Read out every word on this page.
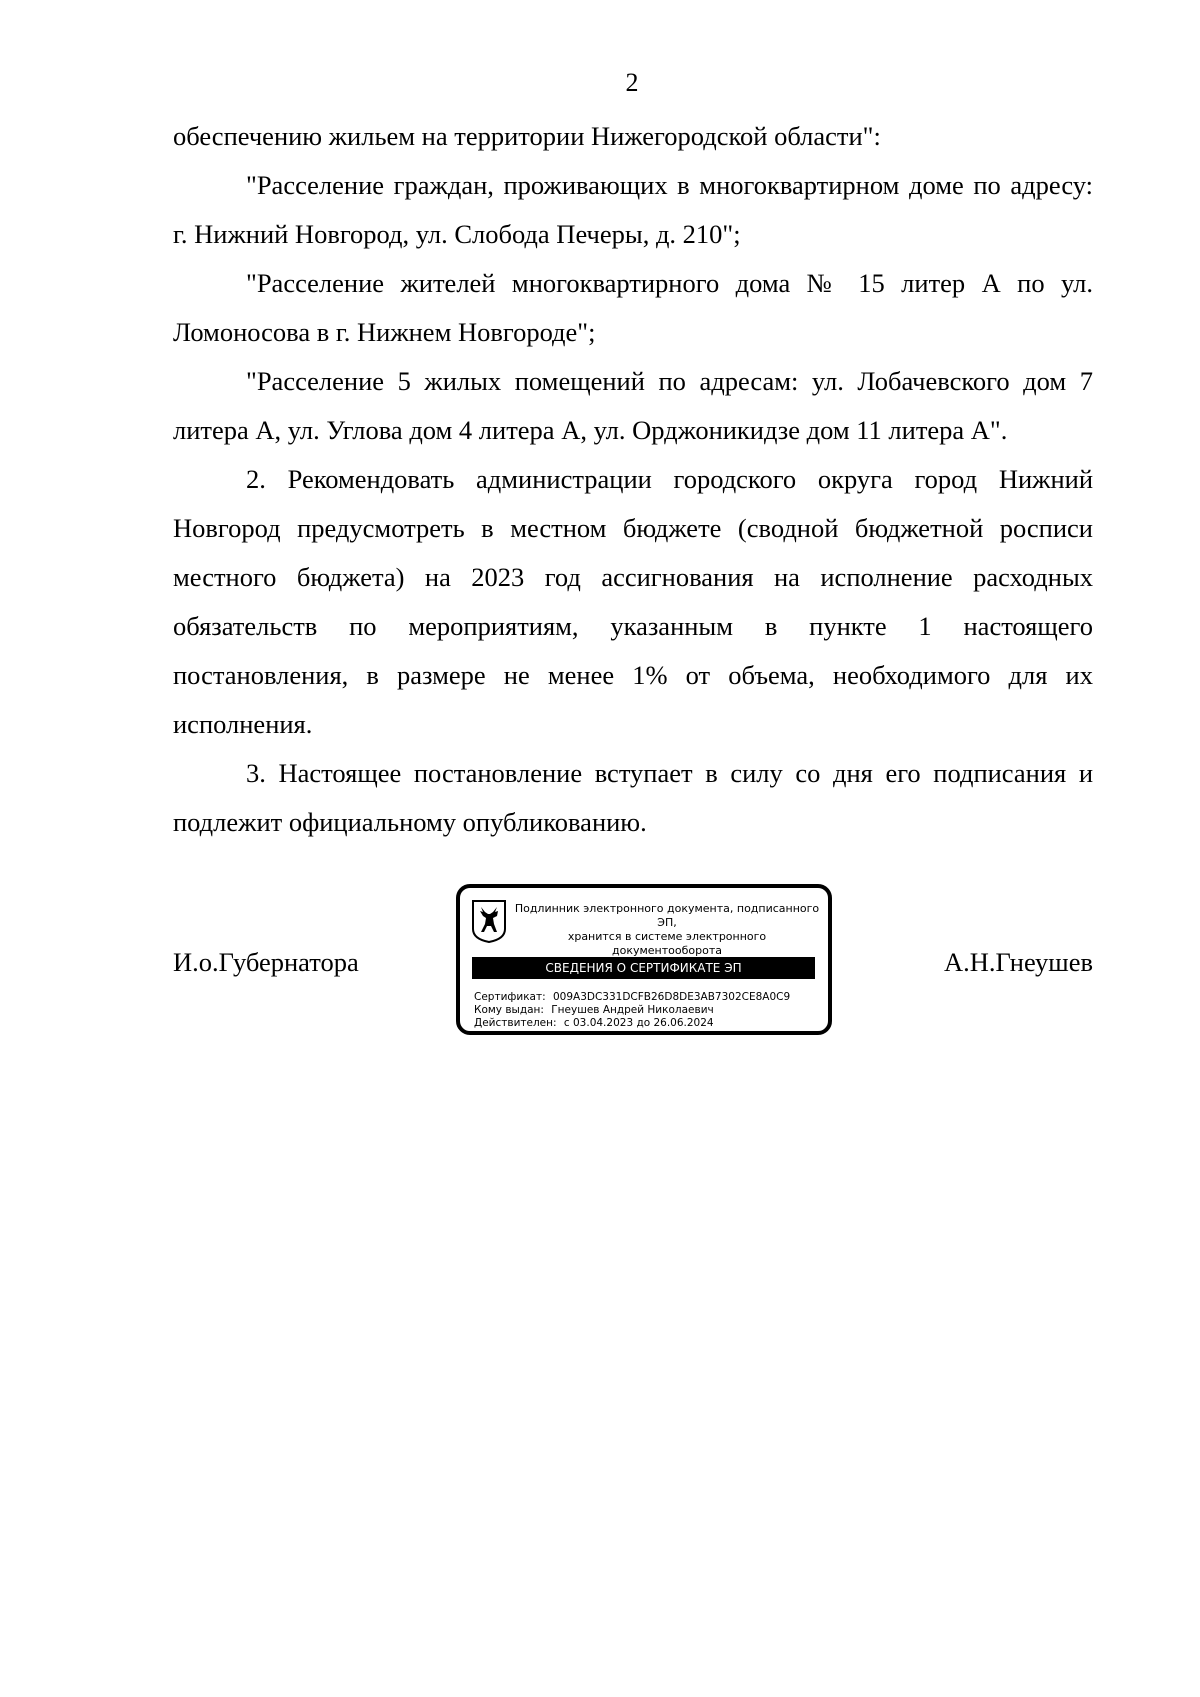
2

обеспечению жильем на территории Нижегородской области":

"Расселение граждан, проживающих в многоквартирном доме по адресу: г. Нижний Новгород, ул. Слобода Печеры, д. 210";

"Расселение жителей многоквартирного дома № 15 литер А по ул. Ломоносова в г. Нижнем Новгороде";

"Расселение 5 жилых помещений по адресам: ул. Лобачевского дом 7 литера А, ул. Углова дом 4 литера А, ул. Орджоникидзе дом 11 литера А".

2. Рекомендовать администрации городского округа город Нижний Новгород предусмотреть в местном бюджете (сводной бюджетной росписи местного бюджета) на 2023 год ассигнования на исполнение расходных обязательств по мероприятиям, указанным в пункте 1 настоящего постановления, в размере не менее 1% от объема, необходимого для их исполнения.

3. Настоящее постановление вступает в силу со дня его подписания и подлежит официальному опубликованию.

И.о.Губернатора
Подлинник электронного документа, подписанного ЭП,
хранится в системе электронного документооборота
СВЕДЕНИЯ О СЕРТИФИКАТЕ ЭП
Сертификат: 009A3DC331DCFB26D8DE3AB7302CE8A0C9
Кому выдан: Гнеушев Андрей Николаевич
Действителен: с 03.04.2023 до 26.06.2024
А.Н.Гнеушев
